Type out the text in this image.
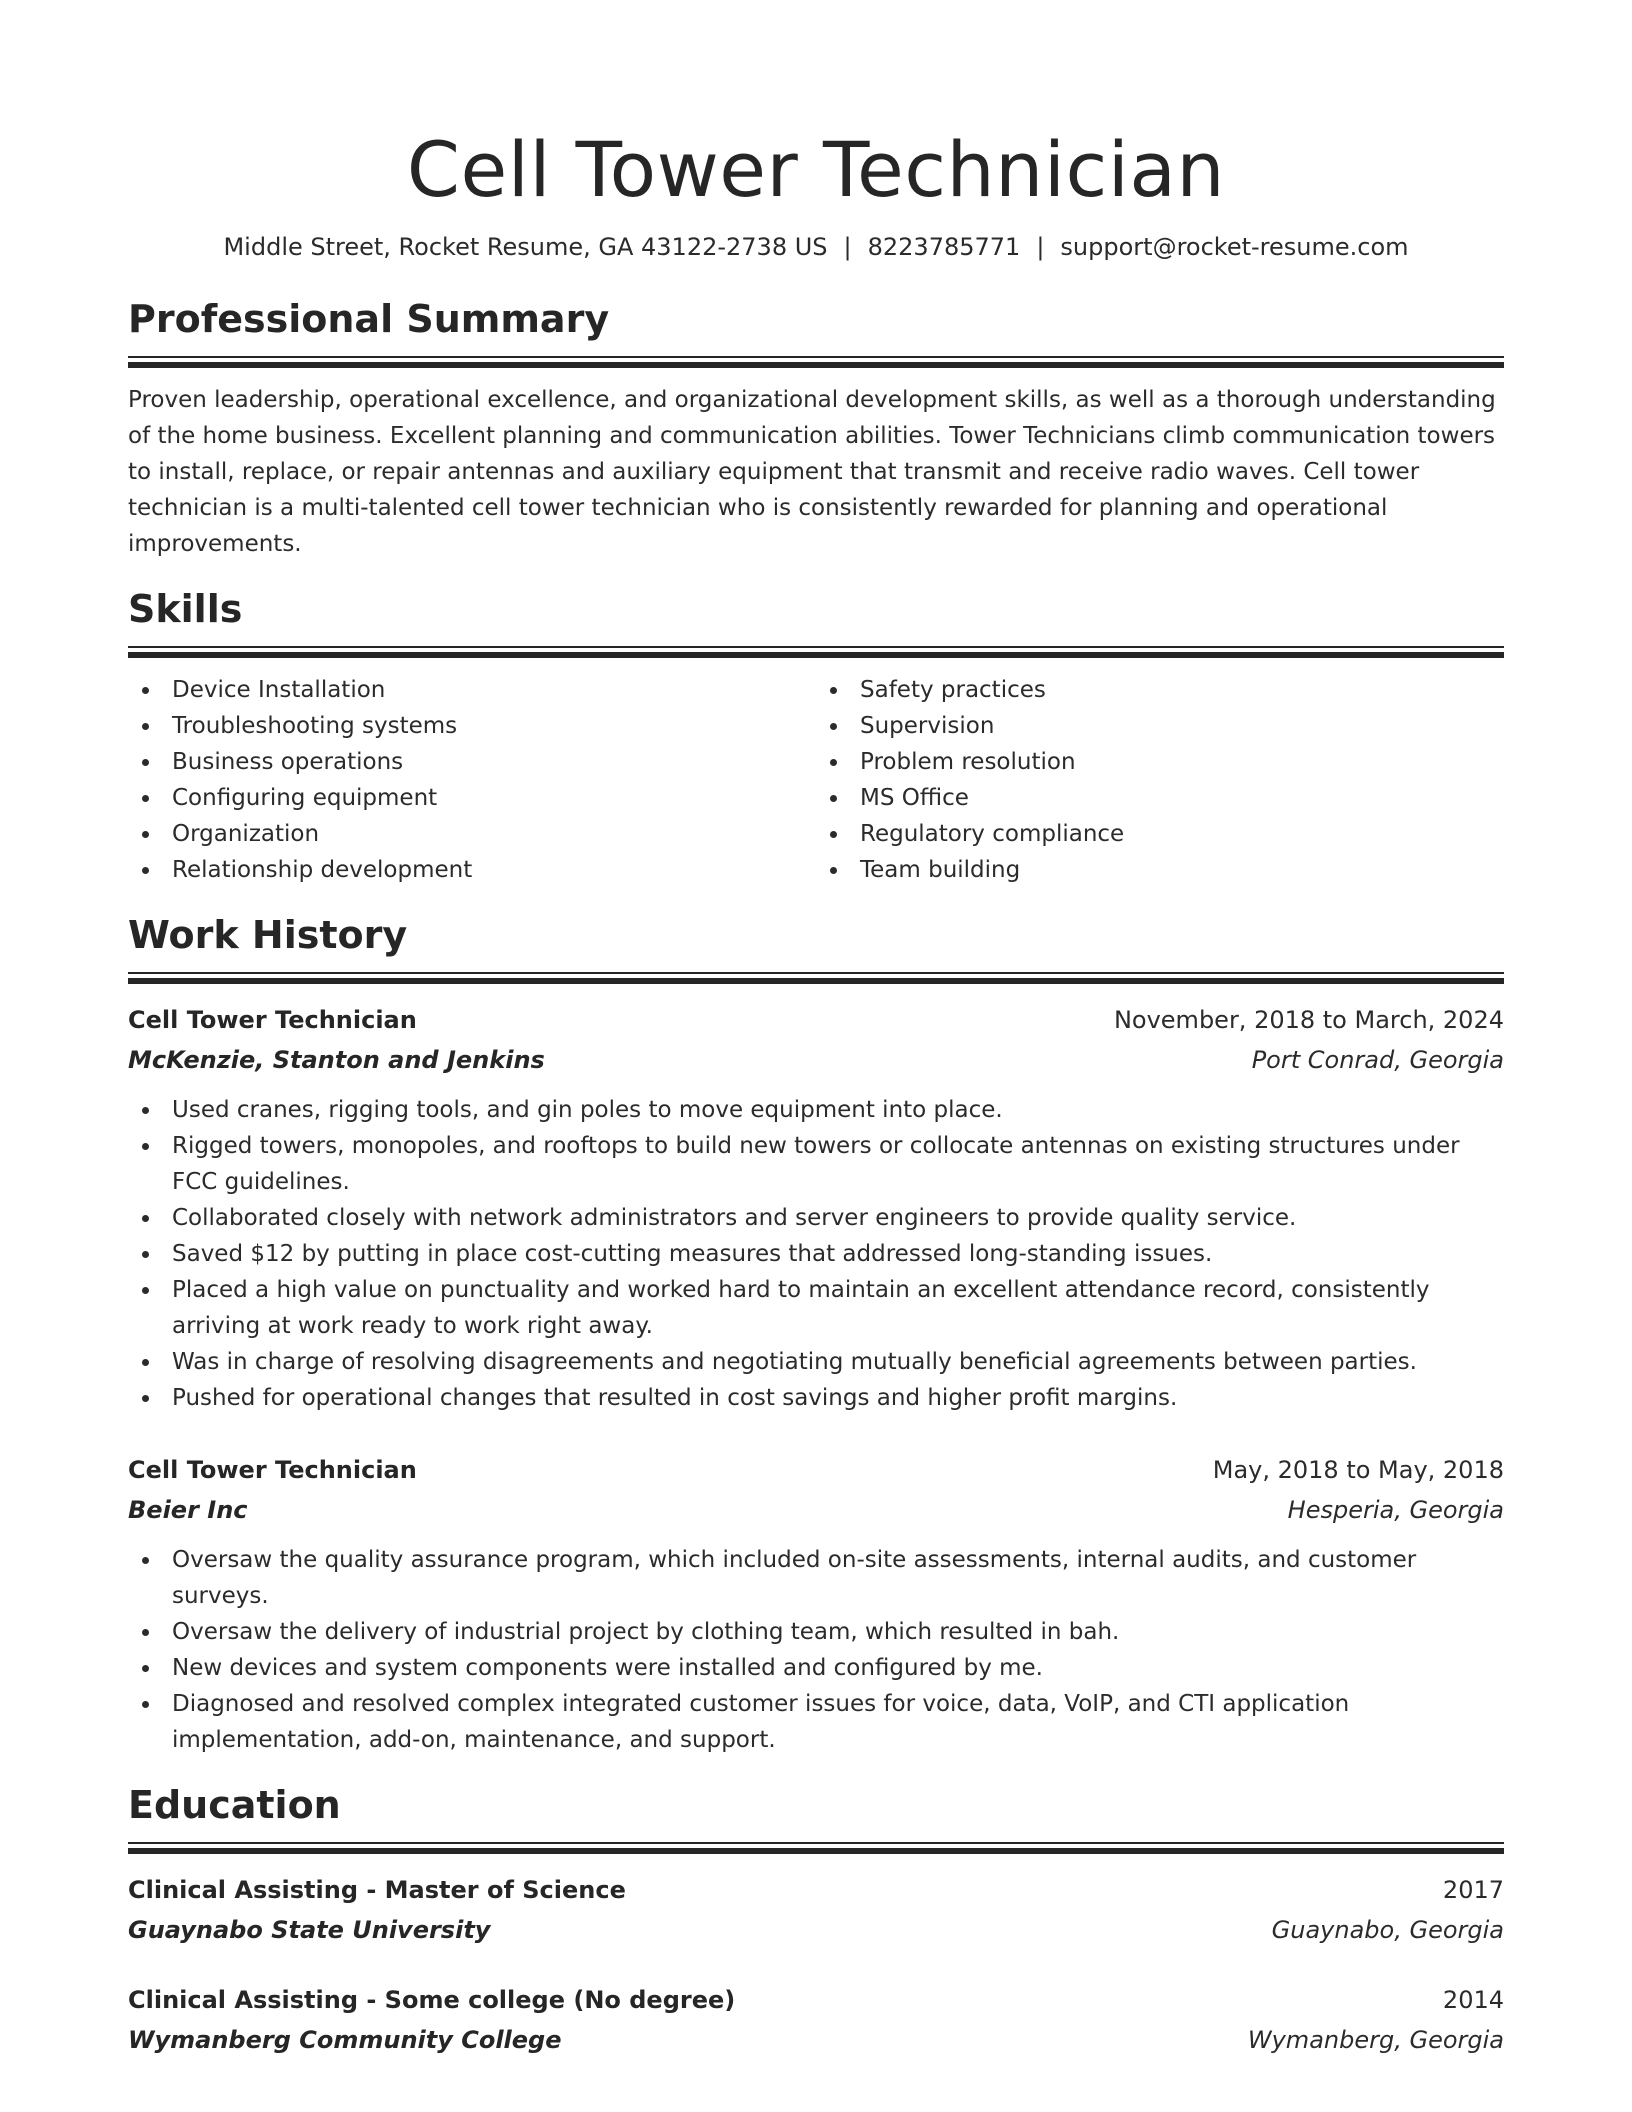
Cell Tower Technician
Middle Street, Rocket Resume, GA 43122-2738 US | 8223785771 | support@rocket-resume.com
Professional Summary

Proven leadership, operational excellence, and organizational development skills, as well as a thorough understanding of the home business. Excellent planning and communication abilities. Tower Technicians climb communication towers to install, replace, or repair antennas and auxiliary equipment that transmit and receive radio waves. Cell tower technician is a multi-talented cell tower technician who is consistently rewarded for planning and operational improvements.

Skills
Device Installation
Troubleshooting systems
Business operations
Configuring equipment
Organization
Relationship development
Safety practices
Supervision
Problem resolution
MS Office
Regulatory compliance
Team building
Work History
Cell Tower Technician	November, 2018 to March, 2024
McKenzie, Stanton and Jenkins	Port Conrad, Georgia
Used cranes, rigging tools, and gin poles to move equipment into place.
Rigged towers, monopoles, and rooftops to build new towers or collocate antennas on existing structures under FCC guidelines.
Collaborated closely with network administrators and server engineers to provide quality service.
Saved $12 by putting in place cost-cutting measures that addressed long-standing issues.
Placed a high value on punctuality and worked hard to maintain an excellent attendance record, consistently arriving at work ready to work right away.
Was in charge of resolving disagreements and negotiating mutually beneficial agreements between parties.
Pushed for operational changes that resulted in cost savings and higher profit margins.
Cell Tower Technician	May, 2018 to May, 2018
Beier Inc	Hesperia, Georgia
Oversaw the quality assurance program, which included on-site assessments, internal audits, and customer surveys.
Oversaw the delivery of industrial project by clothing team, which resulted in bah.
New devices and system components were installed and configured by me.
Diagnosed and resolved complex integrated customer issues for voice, data, VoIP, and CTI application implementation, add-on, maintenance, and support.
Education
Clinical Assisting - Master of Science	2017
Guaynabo State University	Guaynabo, Georgia
Clinical Assisting - Some college (No degree)	2014
Wymanberg Community College	Wymanberg, Georgia
